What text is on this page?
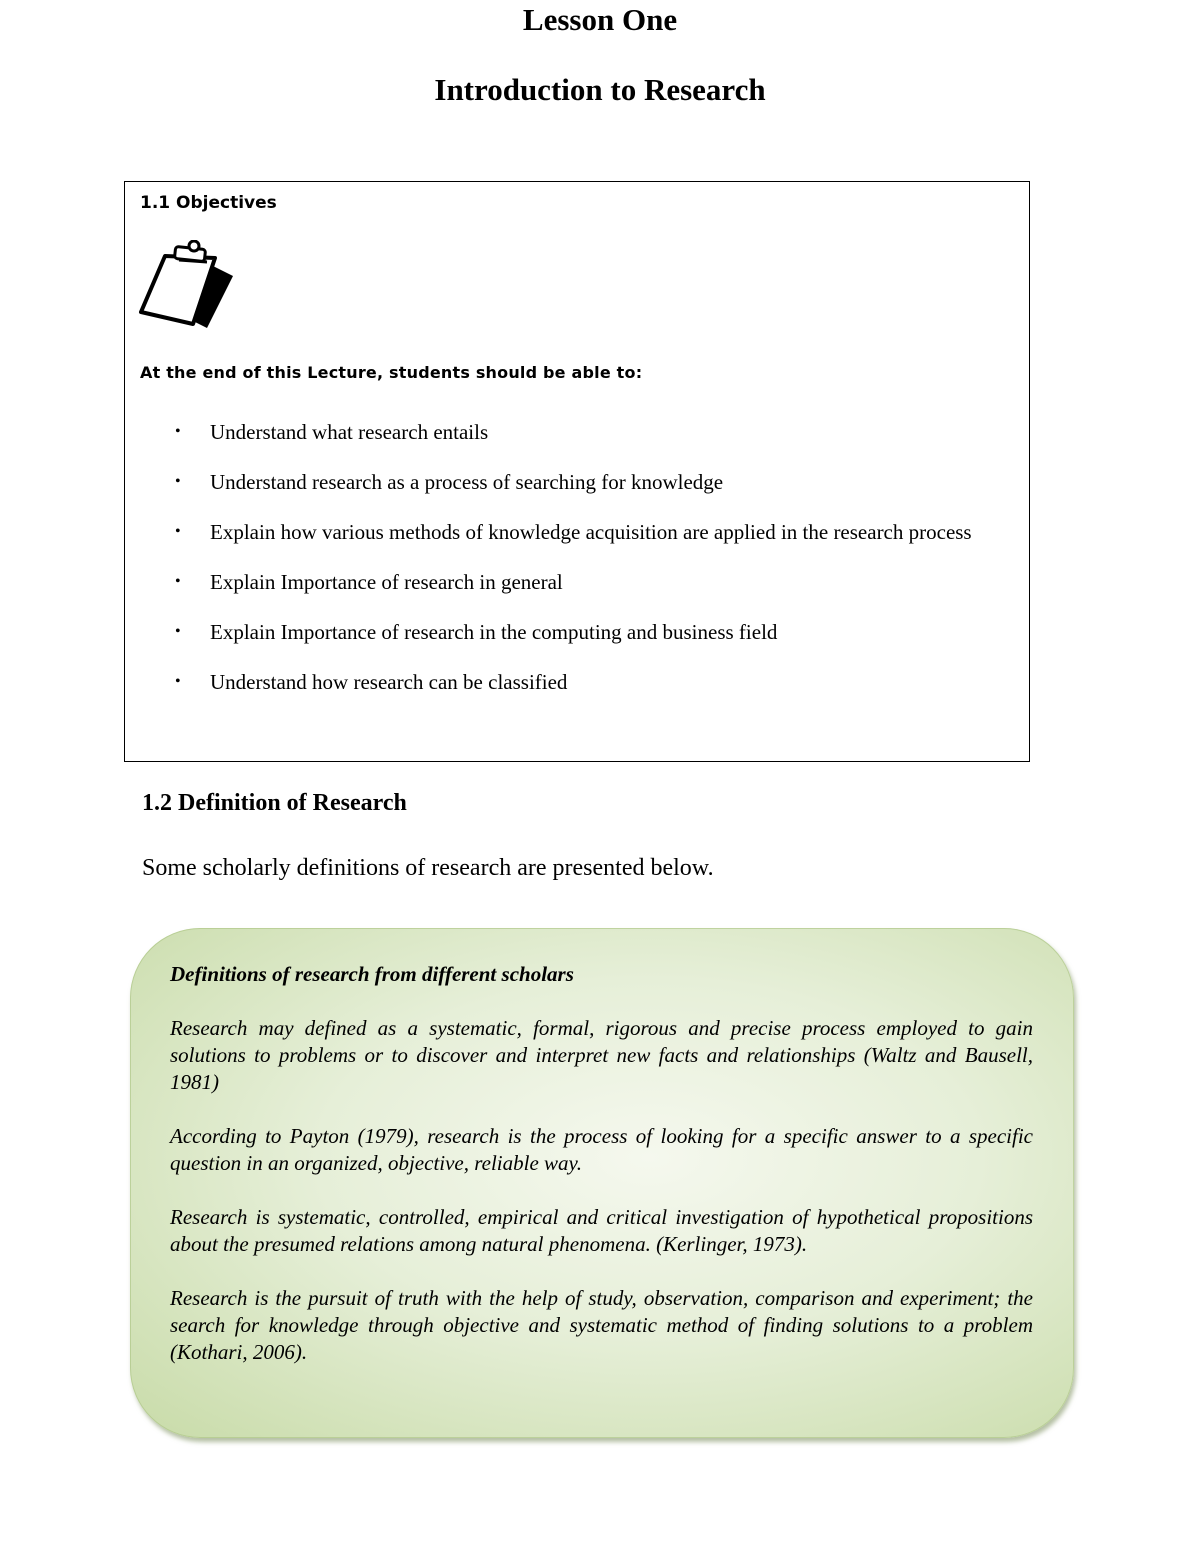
Lesson One
Introduction to Research
1.1 Objectives
At the end of this Lecture, students should be able to:
• Understand what research entails
• Understand research as a process of searching for knowledge
• Explain how various methods of knowledge acquisition are applied in the research process
• Explain Importance of research in general
• Explain Importance of research in the computing and business field
• Understand how research can be classified
1.2 Definition of Research

Some scholarly definitions of research are presented below.

Definitions of research from different scholars

Research may defined as a systematic, formal, rigorous and precise process employed to gain solutions to problems or to discover and interpret new facts and relationships (Waltz and Bausell, 1981)

According to Payton (1979), research is the process of looking for a specific answer to a specific question in an organized, objective, reliable way.

Research is systematic, controlled, empirical and critical investigation of hypothetical propositions about the presumed relations among natural phenomena. (Kerlinger, 1973).

Research is the pursuit of truth with the help of study, observation, comparison and experiment; the search for knowledge through objective and systematic method of finding solutions to a problem (Kothari, 2006).
